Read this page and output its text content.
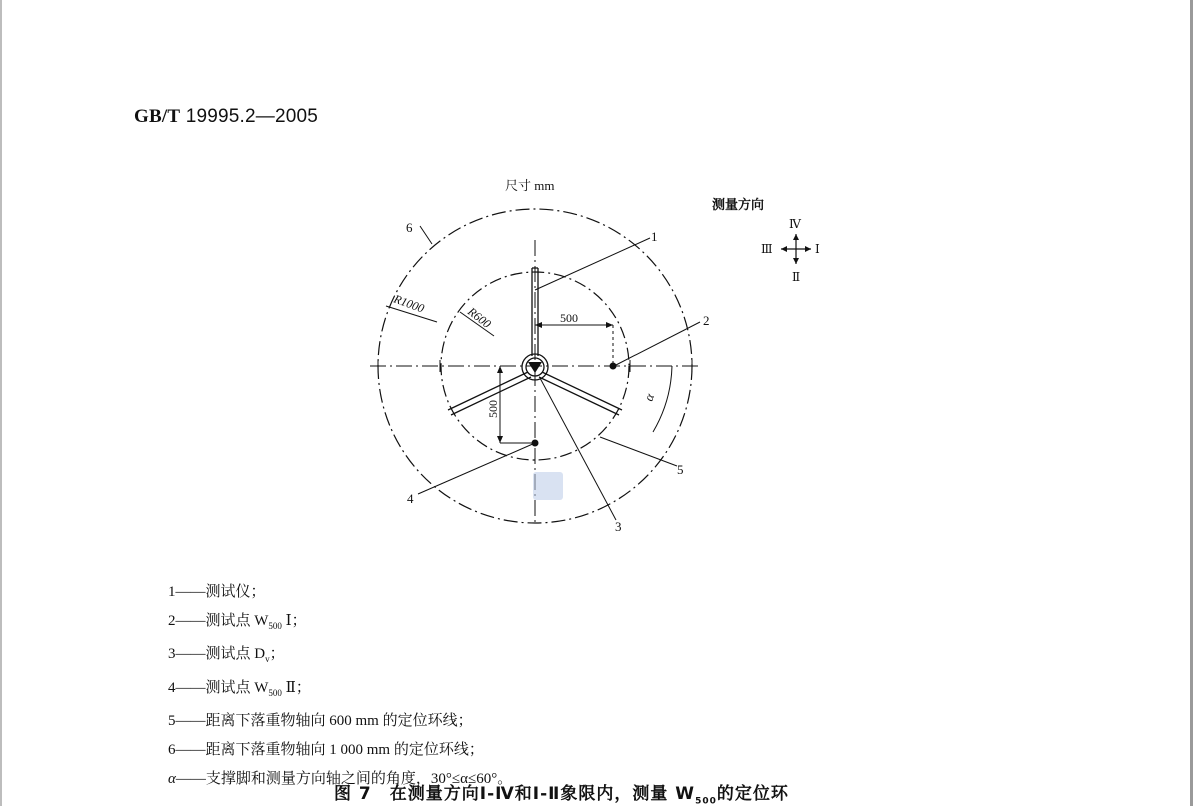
GB/T 19995.2—2005
尺寸 mm
500
500
α
R1000
R600
1
2
3
4
5
6
测量方向
Ⅳ
Ⅲ	Ⅰ
Ⅱ
1——测试仪；
2——测试点 $W_{500}$ Ⅰ；
3——测试点 $D_v$；
4——测试点 $W_{500}$ Ⅱ；
5——距离下落重物轴向 600 mm 的定位环线；
6——距离下落重物轴向 1 000 mm 的定位环线；
α——支撑脚和测量方向轴之间的角度，30°≤α≤60°。
图 7　在测量方向Ⅰ-Ⅳ和Ⅰ-Ⅱ象限内，测量 $W_{500}$的定位环
